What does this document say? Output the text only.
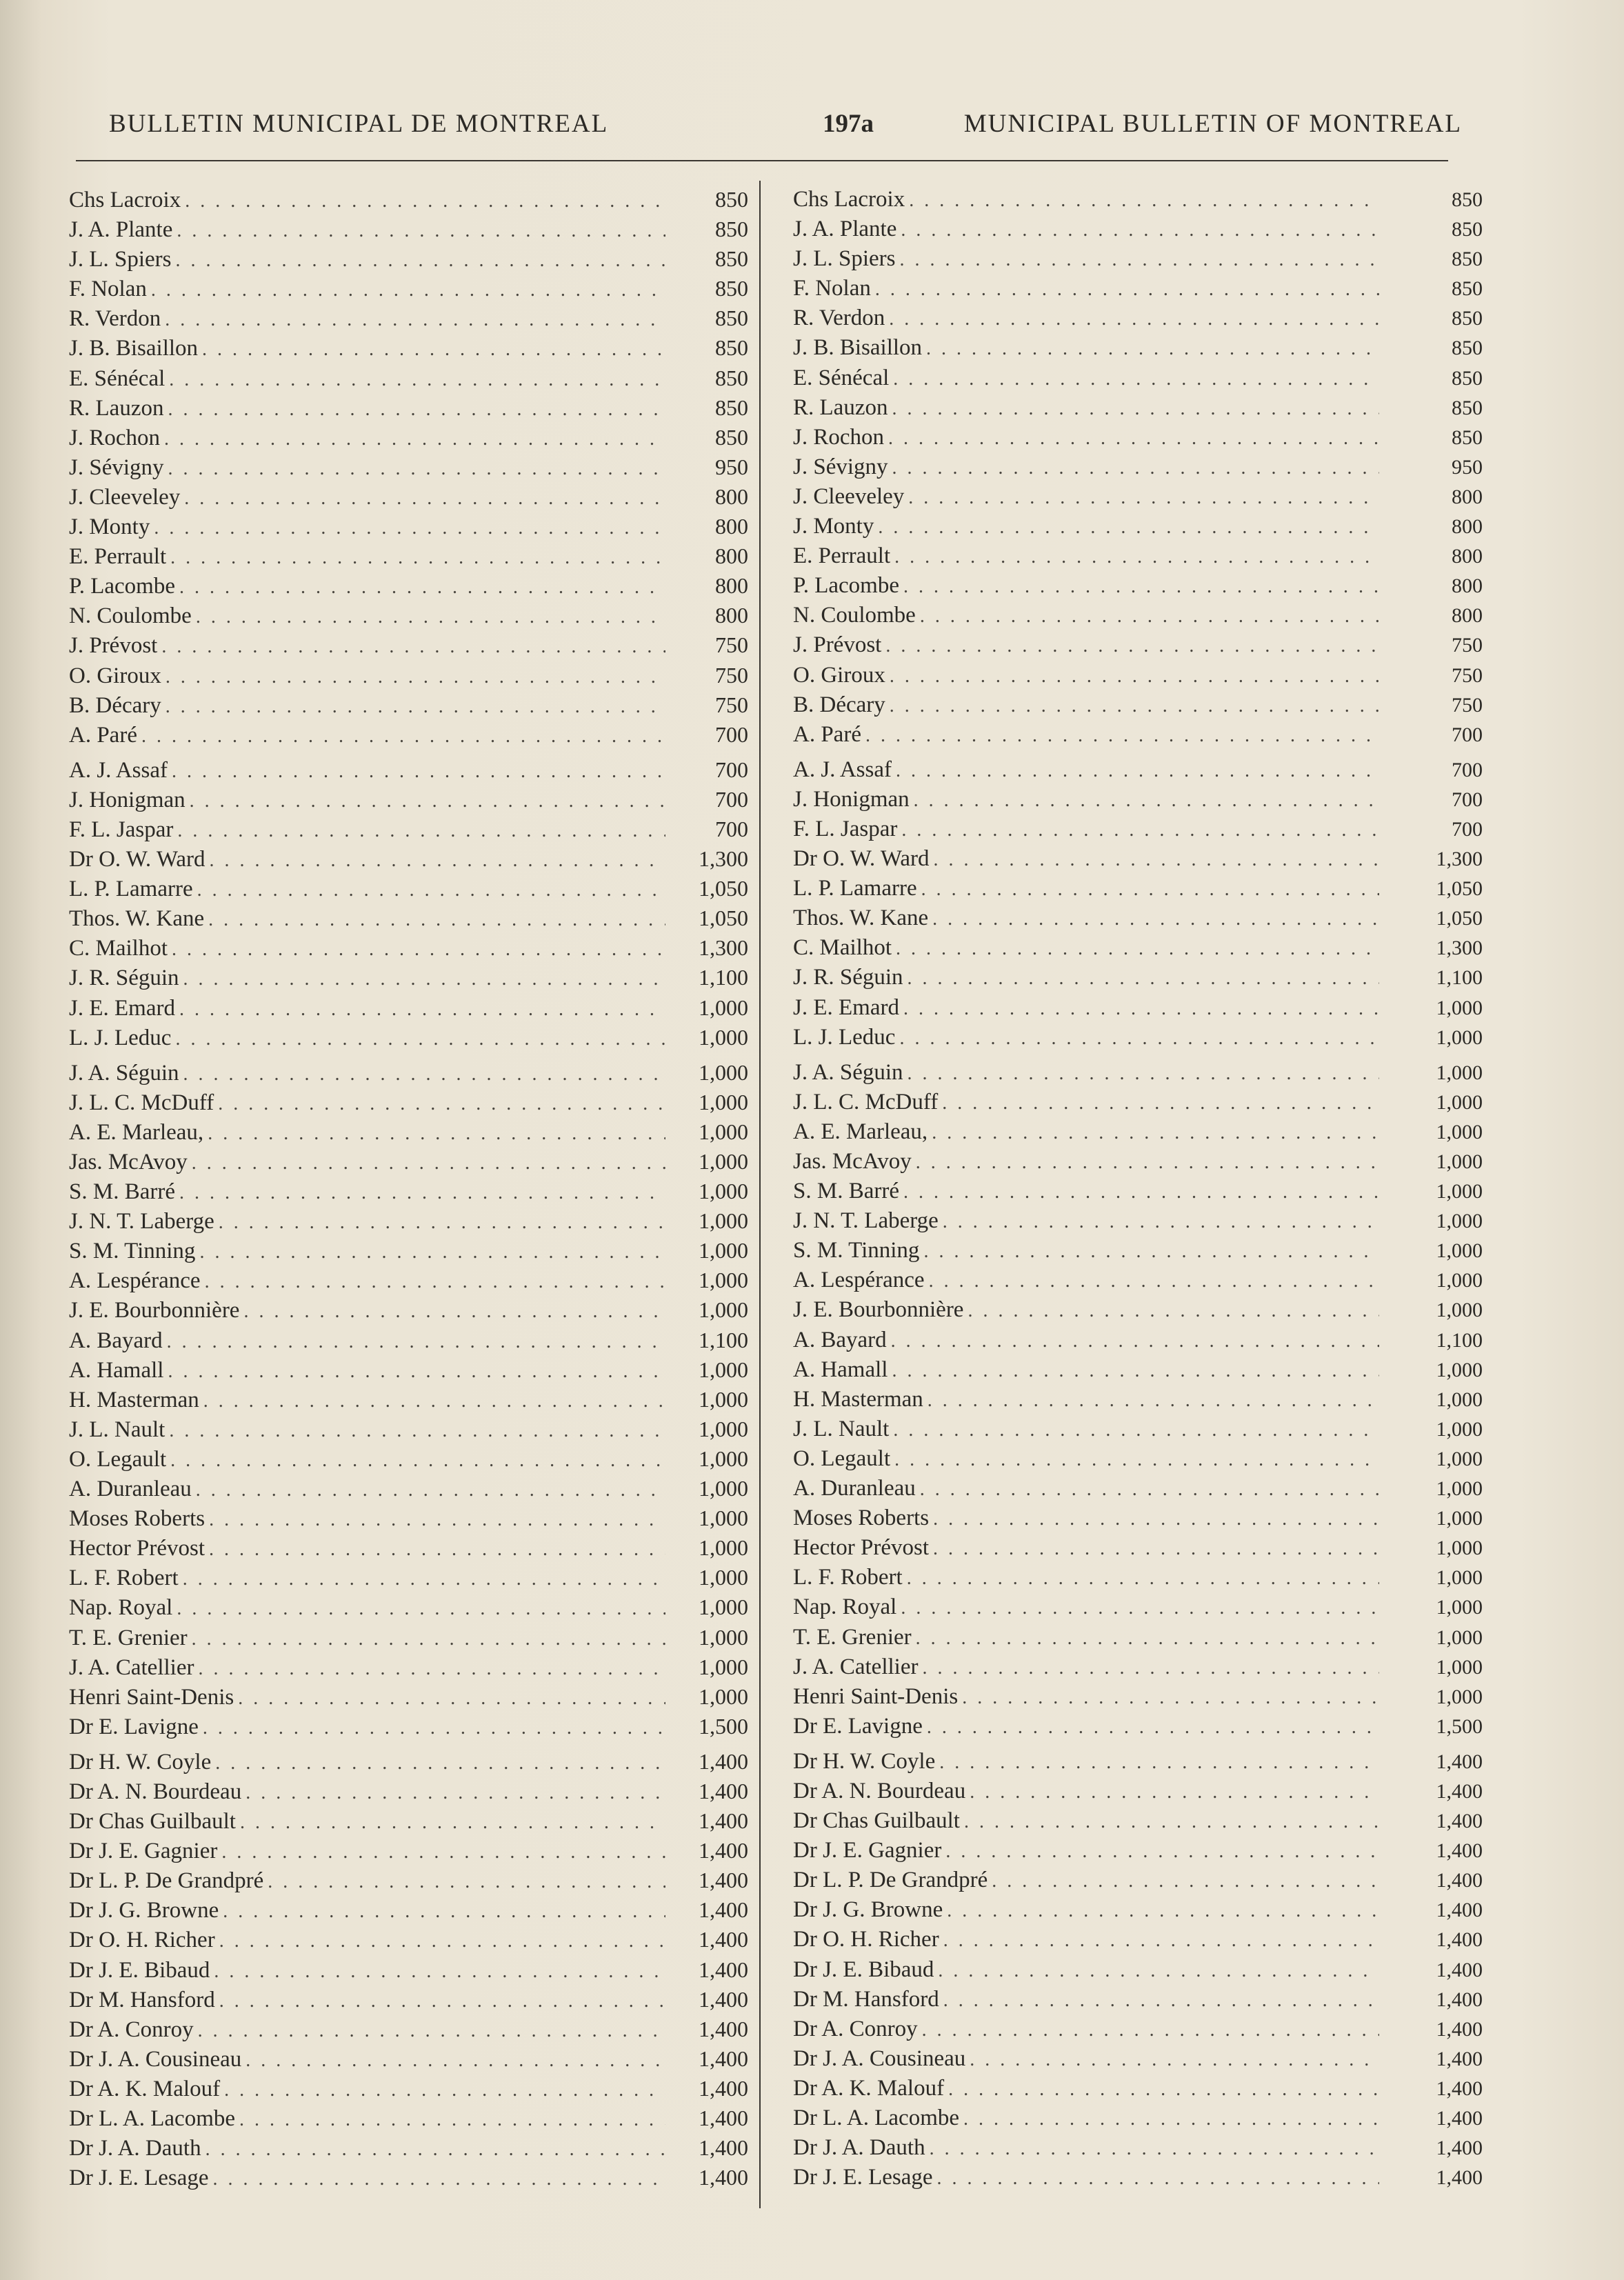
BULLETIN MUNICIPAL DE MONTREAL	197a	MUNICIPAL BULLETIN OF MONTREAL
Chs Lacroix . . .	850
J. A. Plante . . .	850
J. L. Spiers . . .	850
F. Nolan . . .	850
R. Verdon . . .	850
J. B. Bisaillon . . .	850
E. Sénécal . . .	850
R. Lauzon . . .	850
J. Rochon . . .	850
J. Sévigny . . .	950
J. Cleeveley . . .	800
J. Monty . . .	800
E. Perrault . . .	800
P. Lacombe . . .	800
N. Coulombe . . .	800
J. Prévost . . .	750
O. Giroux . . .	750
B. Décary . . .	750
A. Paré . . .	700
A. J. Assaf . . .	700
J. Honigman . . .	700
F. L. Jaspar . . .	700
Dr O. W. Ward . . .	1,300
L. P. Lamarre . . .	1,050
Thos. W. Kane . . .	1,050
C. Mailhot . . .	1,300
J. R. Séguin . . .	1,100
J. E. Emard . . .	1,000
L. J. Leduc . . .	1,000
J. A. Séguin . . .	1,000
J. L. C. McDuff . . .	1,000
A. E. Marleau, . . .	1,000
Jas. McAvoy . . .	1,000
S. M. Barré . . .	1,000
J. N. T. Laberge . . .	1,000
S. M. Tinning . . .	1,000
A. Lespérance . . .	1,000
J. E. Bourbonnière . . .	1,000
A. Bayard . . .	1,100
A. Hamall . . .	1,000
H. Masterman . . .	1,000
J. L. Nault . . .	1,000
O. Legault . . .	1,000
A. Duranleau . . .	1,000
Moses Roberts . . .	1,000
Hector Prévost . . .	1,000
L. F. Robert . . .	1,000
Nap. Royal . . .	1,000
T. E. Grenier . . .	1,000
J. A. Catellier . . .	1,000
Henri Saint-Denis . . .	1,000
Dr E. Lavigne . . .	1,500
Dr H. W. Coyle . . .	1,400
Dr A. N. Bourdeau . . .	1,400
Dr Chas Guilbault . . .	1,400
Dr J. E. Gagnier . . .	1,400
Dr L. P. De Grandpré . . .	1,400
Dr J. G. Browne . . .	1,400
Dr O. H. Richer . . .	1,400
Dr J. E. Bibaud . . .	1,400
Dr M. Hansford . . .	1,400
Dr A. Conroy . . .	1,400
Dr J. A. Cousineau . . .	1,400
Dr A. K. Malouf . . .	1,400
Dr L. A. Lacombe . . .	1,400
Dr J. A. Dauth . . .	1,400
Dr J. E. Lesage . . .	1,400
Chs Lacroix . . .	850
J. A. Plante . . .	850
J. L. Spiers . . .	850
F. Nolan . . .	850
R. Verdon . . .	850
J. B. Bisaillon . . .	850
E. Sénécal . . .	850
R. Lauzon . . .	850
J. Rochon . . .	850
J. Sévigny . . .	950
J. Cleeveley . . .	800
J. Monty . . .	800
E. Perrault . . .	800
P. Lacombe . . .	800
N. Coulombe . . .	800
J. Prévost . . .	750
O. Giroux . . .	750
B. Décary . . .	750
A. Paré . . .	700
A. J. Assaf . . .	700
J. Honigman . . .	700
F. L. Jaspar . . .	700
Dr O. W. Ward . . .	1,300
L. P. Lamarre . . .	1,050
Thos. W. Kane . . .	1,050
C. Mailhot . . .	1,300
J. R. Séguin . . .	1,100
J. E. Emard . . .	1,000
L. J. Leduc . . .	1,000
J. A. Séguin . . .	1,000
J. L. C. McDuff . . .	1,000
A. E. Marleau, . . .	1,000
Jas. McAvoy . . .	1,000
S. M. Barré . . .	1,000
J. N. T. Laberge . . .	1,000
S. M. Tinning . . .	1,000
A. Lespérance . . .	1,000
J. E. Bourbonnière . . .	1,000
A. Bayard . . .	1,100
A. Hamall . . .	1,000
H. Masterman . . .	1,000
J. L. Nault . . .	1,000
O. Legault . . .	1,000
A. Duranleau . . .	1,000
Moses Roberts . . .	1,000
Hector Prévost . . .	1,000
L. F. Robert . . .	1,000
Nap. Royal . . .	1,000
T. E. Grenier . . .	1,000
J. A. Catellier . . .	1,000
Henri Saint-Denis . . .	1,000
Dr E. Lavigne . . .	1,500
Dr H. W. Coyle . . .	1,400
Dr A. N. Bourdeau . . .	1,400
Dr Chas Guilbault . . .	1,400
Dr J. E. Gagnier . . .	1,400
Dr L. P. De Grandpré . . .	1,400
Dr J. G. Browne . . .	1,400
Dr O. H. Richer . . .	1,400
Dr J. E. Bibaud . . .	1,400
Dr M. Hansford . . .	1,400
Dr A. Conroy . . .	1,400
Dr J. A. Cousineau . . .	1,400
Dr A. K. Malouf . . .	1,400
Dr L. A. Lacombe . . .	1,400
Dr J. A. Dauth . . .	1,400
Dr J. E. Lesage . . .	1,400
